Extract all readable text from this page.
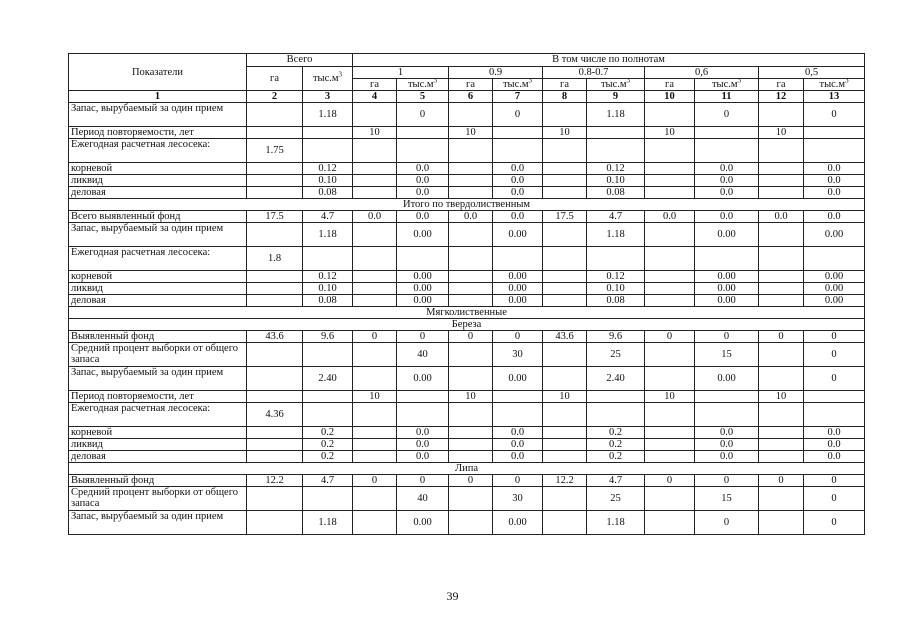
Показатели	Всего		В том числе по полнотам									
	га	$тыс.м^3$	1		0.9		0.8-0.7		0,6		0,5	
			га	$тыс.м^3$	га	$тыс.м^3$	га	$тыс.м^3$	га	$тыс.м^3$	га	$тыс.м^3$
1	2	3	4	5	6	7	8	9	10	11	12	13
Запас, вырубаемый за один прием		1.18		0		0		1.18		0		0
Период повторяемости, лет			10		10		10		10		10	
Ежегодная расчетная лесосека:	1.75											
корневой		0.12		0.0		0.0		0.12		0.0		0.0
ликвид		0.10		0.0		0.0		0.10		0.0		0.0
деловая		0.08		0.0		0.0		0.08		0.0		0.0
Итого по твердолиственным												
Всего выявленный фонд	17.5	4.7	0.0	0.0	0.0	0.0	17.5	4.7	0.0	0.0	0.0	0.0
Запас, вырубаемый за один прием		1.18		0.00		0.00		1.18		0.00		0.00
Ежегодная расчетная лесосека:	1.8											
корневой		0.12		0.00		0.00		0.12		0.00		0.00
ликвид		0.10		0.00		0.00		0.10		0.00		0.00
деловая		0.08		0.00		0.00		0.08		0.00		0.00
Мягколиственные												
Береза												
Выявленный фонд	43.6	9.6	0	0	0	0	43.6	9.6	0	0	0	0
Средний процент выборки от общего запаса				40		30		25		15		0
Запас, вырубаемый за один прием		2.40		0.00		0.00		2.40		0.00		0
Период повторяемости, лет			10		10		10		10		10	
Ежегодная расчетная лесосека:	4.36											
корневой		0.2		0.0		0.0		0.2		0.0		0.0
ликвид		0.2		0.0		0.0		0.2		0.0		0.0
деловая		0.2		0.0		0.0		0.2		0.0		0.0
Липа												
Выявленный фонд	12.2	4.7	0	0	0	0	12.2	4.7	0	0	0	0
Средний процент выборки от общего запаса				40		30		25		15		0
Запас, вырубаемый за один прием		1.18		0.00		0.00		1.18		0		0
39
